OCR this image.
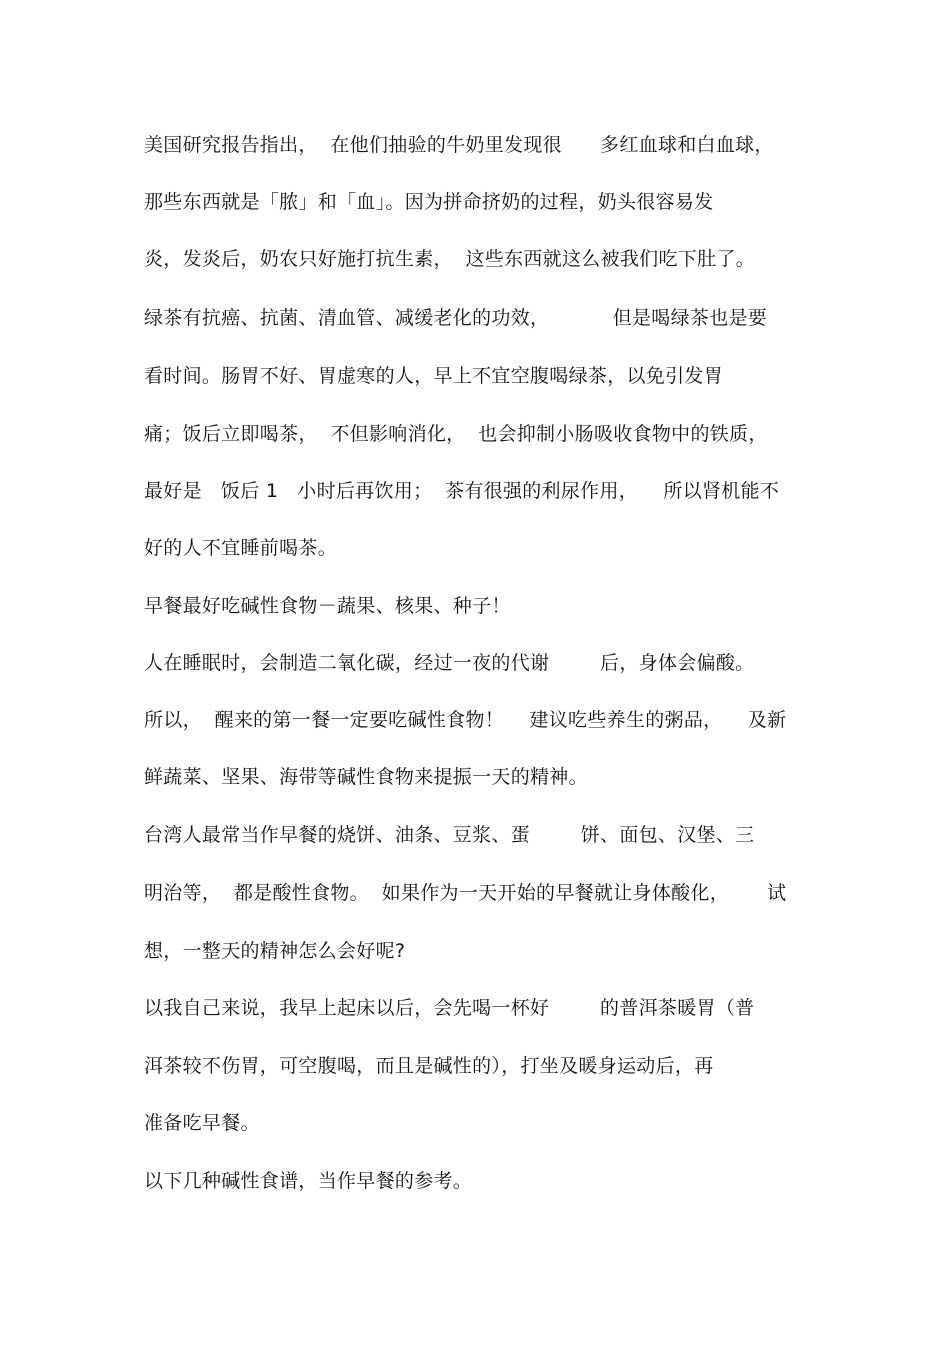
美国研究报告指出，  在他们抽验的牛奶里发现很      多红血球和白血球，
那些东西就是「脓」和「血」。因为拼命挤奶的过程，奶头很容易发
炎，发炎后，奶农只好施打抗生素，  这些东西就这么被我们吃下肚了。
绿茶有抗癌、抗菌、清血管、减缓老化的功效，          但是喝绿茶也是要
看时间。肠胃不好、胃虚寒的人，早上不宜空腹喝绿茶，以免引发胃
痛；饭后立即喝茶，  不但影响消化，  也会抑制小肠吸收食物中的铁质，
最好是   饭后 1   小时后再饮用；  茶有很强的利尿作用，    所以肾机能不
好的人不宜睡前喝茶。
早餐最好吃碱性食物－蔬果、核果、种子！
人在睡眠时，会制造二氧化碳，经过一夜的代谢        后，身体会偏酸。
所以，  醒来的第一餐一定要吃碱性食物！    建议吃些养生的粥品，    及新
鲜蔬菜、坚果、海带等碱性食物来提振一天的精神。
台湾人最常当作早餐的烧饼、油条、豆浆、蛋        饼、面包、汉堡、三
明治等，  都是酸性食物。  如果作为一天开始的早餐就让身体酸化，      试
想，一整天的精神怎么会好呢?
以我自己来说，我早上起床以后，会先喝一杯好        的普洱茶暖胃（普
洱茶较不伤胃，可空腹喝，而且是碱性的），打坐及暖身运动后，再
准备吃早餐。
以下几种碱性食谱，当作早餐的参考。
